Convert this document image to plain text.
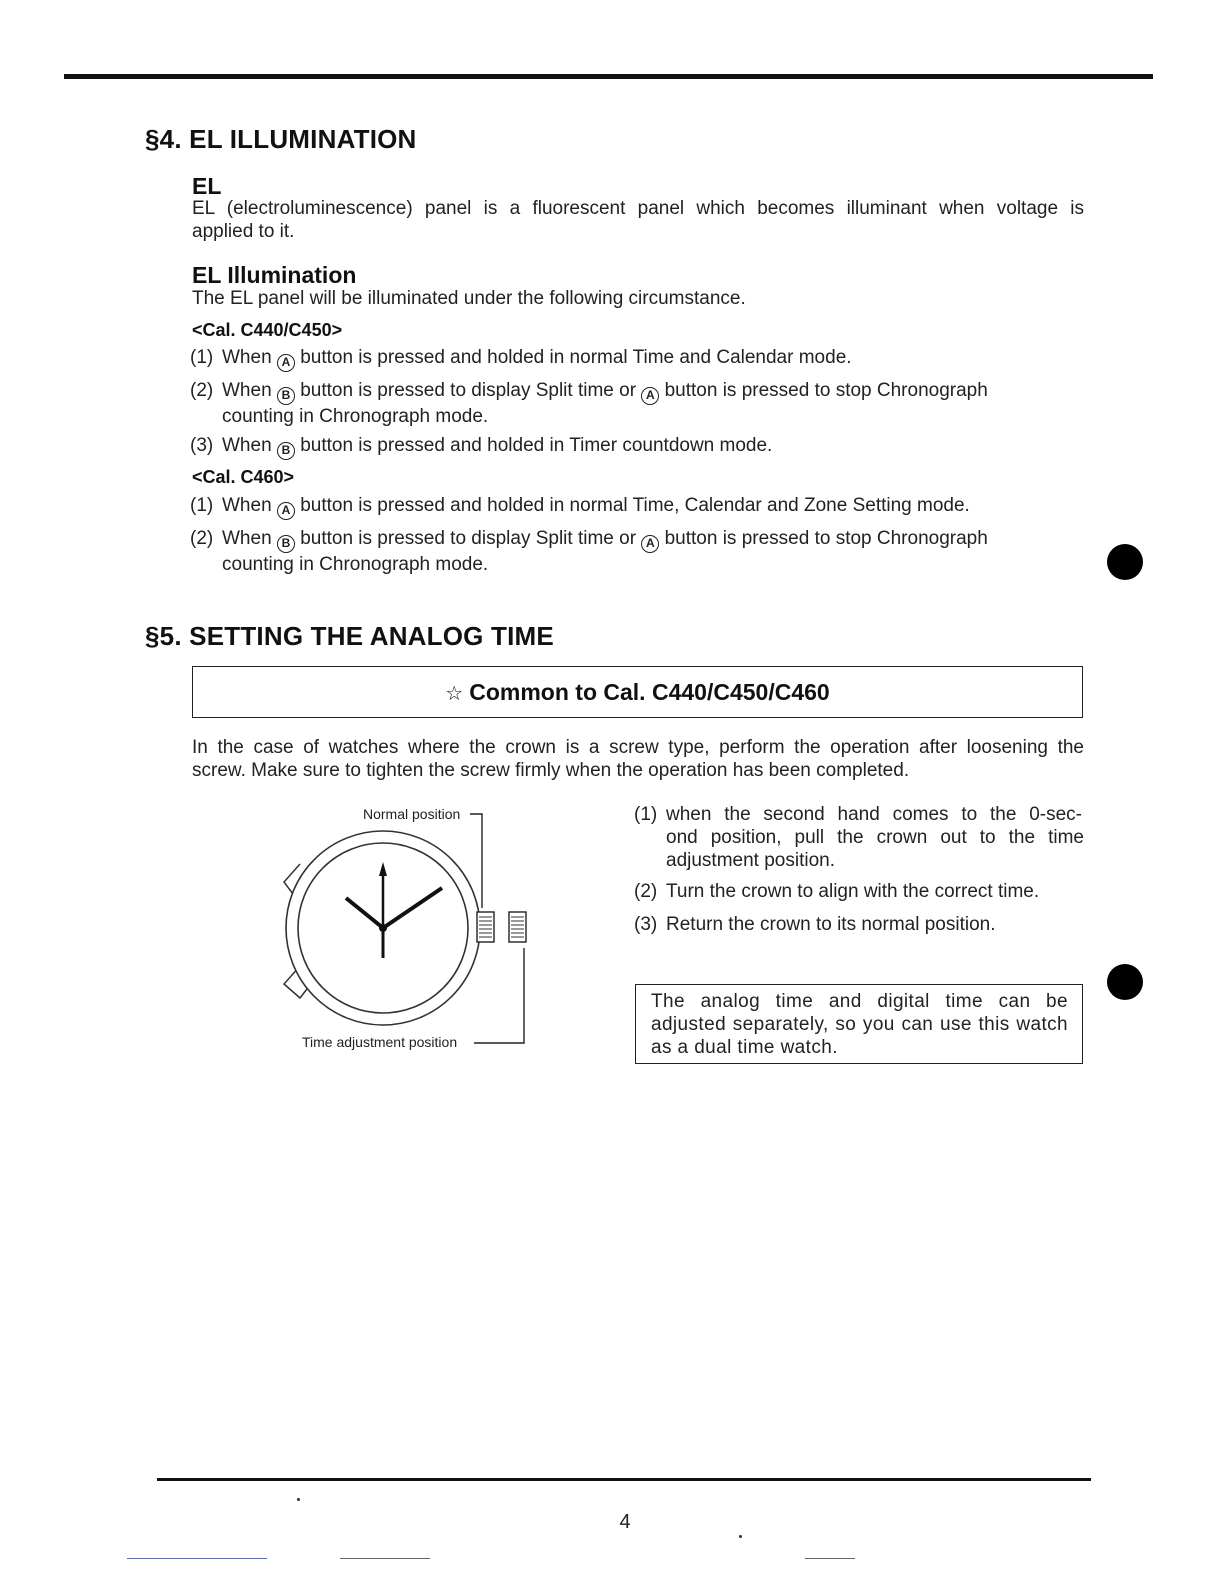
§4. EL ILLUMINATION
EL
EL (electroluminescence) panel is a fluorescent panel which becomes illuminant when voltage is
applied to it.
EL Illumination
The EL panel will be illuminated under the following circumstance.
<Cal. C440/C450>
(1) When A button is pressed and holded in normal Time and Calendar mode.
(2) When B button is pressed to display Split time or A button is pressed to stop Chronograph
counting in Chronograph mode.
(3) When B button is pressed and holded in Timer countdown mode.
<Cal. C460>
(1) When A button is pressed and holded in normal Time, Calendar and Zone Setting mode.
(2) When B button is pressed to display Split time or A button is pressed to stop Chronograph
counting in Chronograph mode.
§5. SETTING THE ANALOG TIME
☆ Common to Cal. C440/C450/C460
In the case of watches where the crown is a screw type, perform the operation after loosening the
screw. Make sure to tighten the screw firmly when the operation has been completed.
Normal position
Time adjustment position
(1) when the second hand comes to the 0-sec-
ond position, pull the crown out to the time
adjustment position.
(2) Turn the crown to align with the correct time.
(3) Return the crown to its normal position.
The analog time and digital time can be adjusted separately, so you can use this watch as a dual time watch.
4
